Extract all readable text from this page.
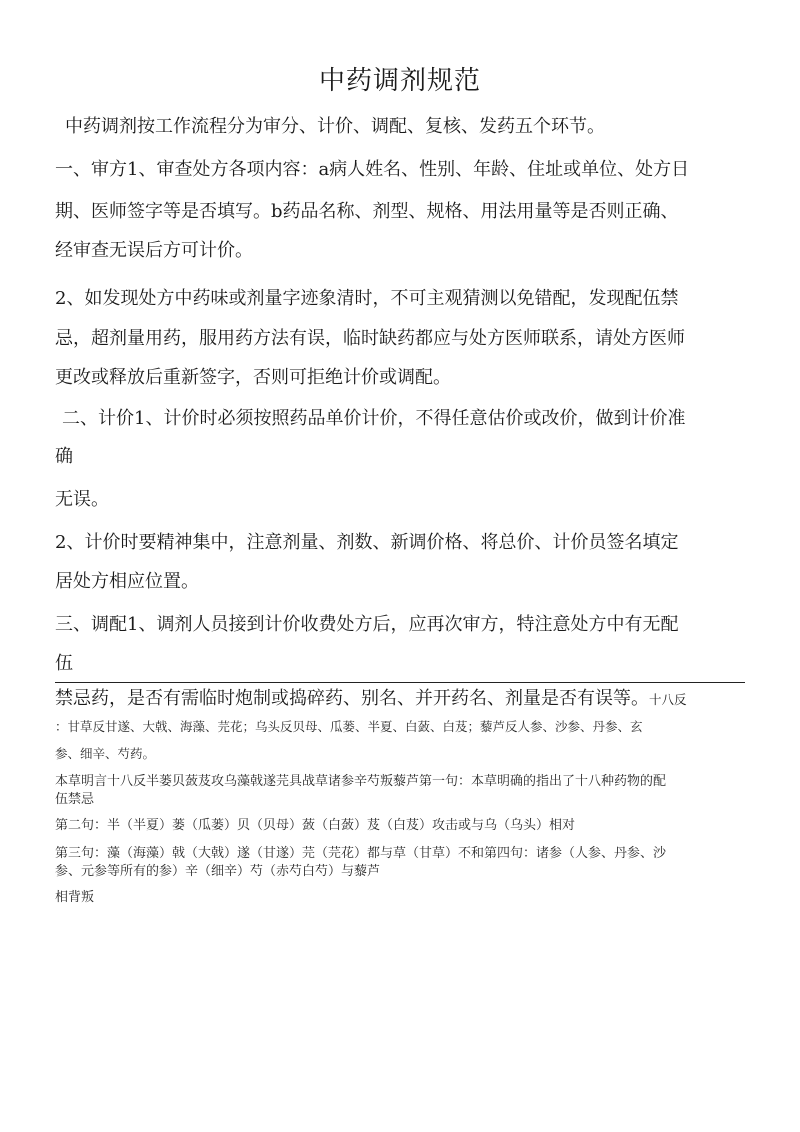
中药调剂规范

中药调剂按工作流程分为审分、计价、调配、复核、发药五个环节。

一、审方1、审查处方各项内容：a病人姓名、性别、年龄、住址或单位、处方日

期、医师签字等是否填写。b药品名称、剂型、规格、用法用量等是否则正确、

经审查无误后方可计价。

2、如发现处方中药味或剂量字迹象清时，不可主观猜测以免错配，发现配伍禁

忌，超剂量用药，服用药方法有误，临时缺药都应与处方医师联系，请处方医师

更改或释放后重新签字，否则可拒绝计价或调配。

二、计价1、计价时必须按照药品单价计价，不得任意估价或改价，做到计价准

确

无误。

2、计价时要精神集中，注意剂量、剂数、新调价格、将总价、计价员签名填定

居处方相应位置。

三、调配1、调剂人员接到计价收费处方后，应再次审方，特注意处方中有无配

伍

禁忌药，是否有需临时炮制或捣碎药、别名、并开药名、剂量是否有误等。十八反

：甘草反甘遂、大戟、海藻、芫花；乌头反贝母、瓜蒌、半夏、白蔹、白芨；藜芦反人参、沙参、丹参、玄

参、细辛、芍药。

本草明言十八反半蒌贝蔹芨攻乌藻戟遂芫具战草诸参辛芍叛藜芦第一句：本草明确的指出了十八种药物的配

伍禁忌

第二句：半（半夏）蒌（瓜蒌）贝（贝母）蔹（白蔹）芨（白芨）攻击或与乌（乌头）相对

第三句：藻（海藻）戟（大戟）遂（甘遂）芫（芫花）都与草（甘草）不和第四句：诸参（人参、丹参、沙

参、元参等所有的参）辛（细辛）芍（赤芍白芍）与藜芦

相背叛
